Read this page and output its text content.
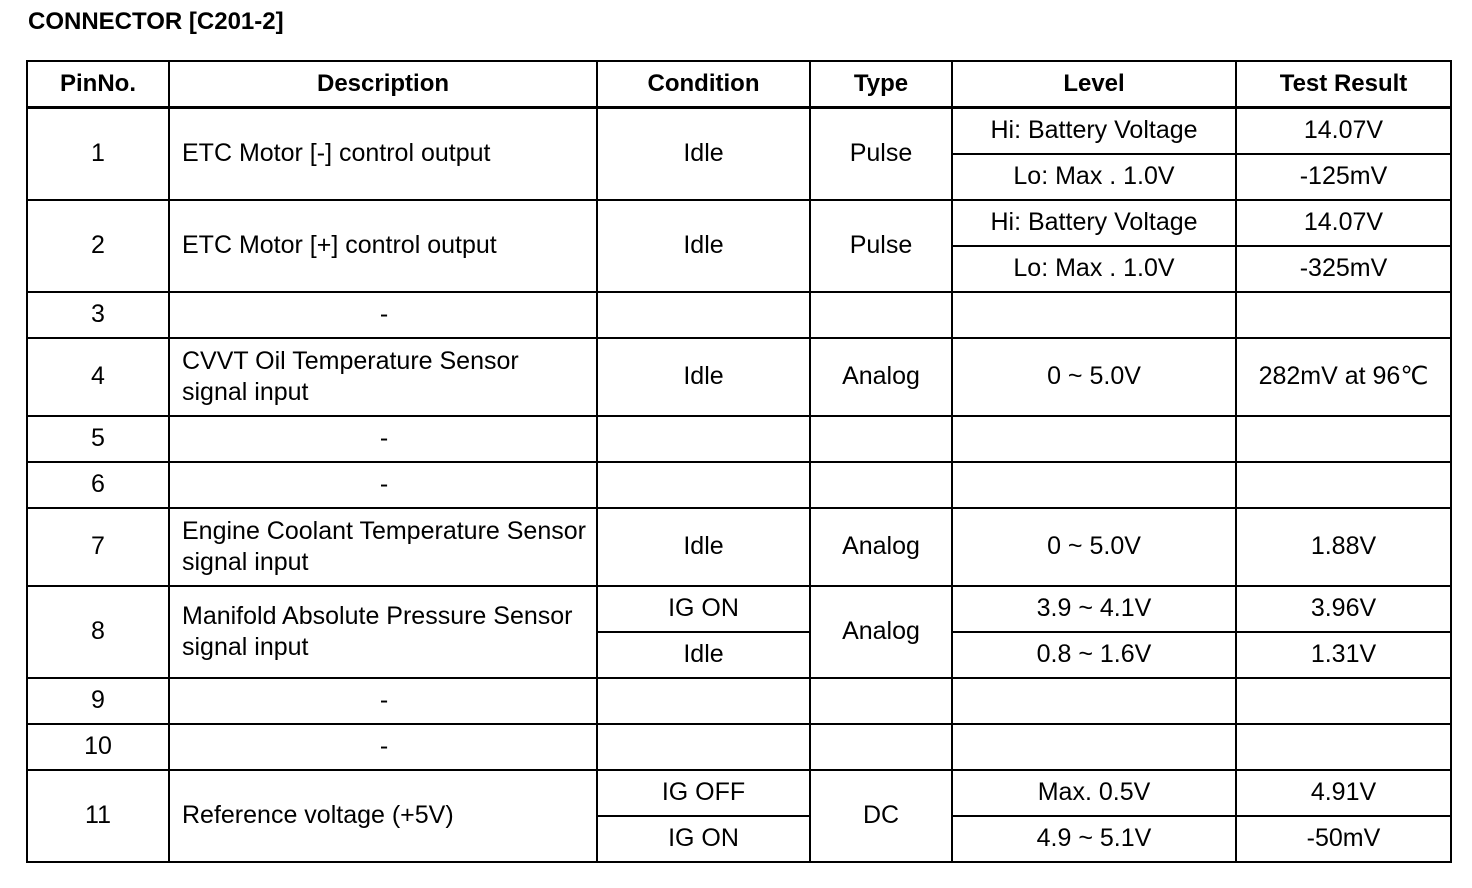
CONNECTOR [C201-2]
PinNo.	Description	Condition	Type	Level	Test Result
1	ETC Motor [-] control output	Idle	Pulse	Hi: Battery Voltage	14.07V
				Lo: Max . 1.0V	-125mV
2	ETC Motor [+] control output	Idle	Pulse	Hi: Battery Voltage	14.07V
				Lo: Max . 1.0V	-325mV
3	-				
4	CVVT Oil Temperature Sensor signal input	Idle	Analog	0 ~ 5.0V	282mV at 96℃
5	-				
6	-				
7	Engine Coolant Temperature Sensor signal input	Idle	Analog	0 ~ 5.0V	1.88V
8	Manifold Absolute Pressure Sensor signal input	IG ON	Analog	3.9 ~ 4.1V	3.96V
		Idle		0.8 ~ 1.6V	1.31V
9	-				
10	-				
11	Reference voltage (+5V)	IG OFF	DC	Max. 0.5V	4.91V
		IG ON		4.9 ~ 5.1V	-50mV
